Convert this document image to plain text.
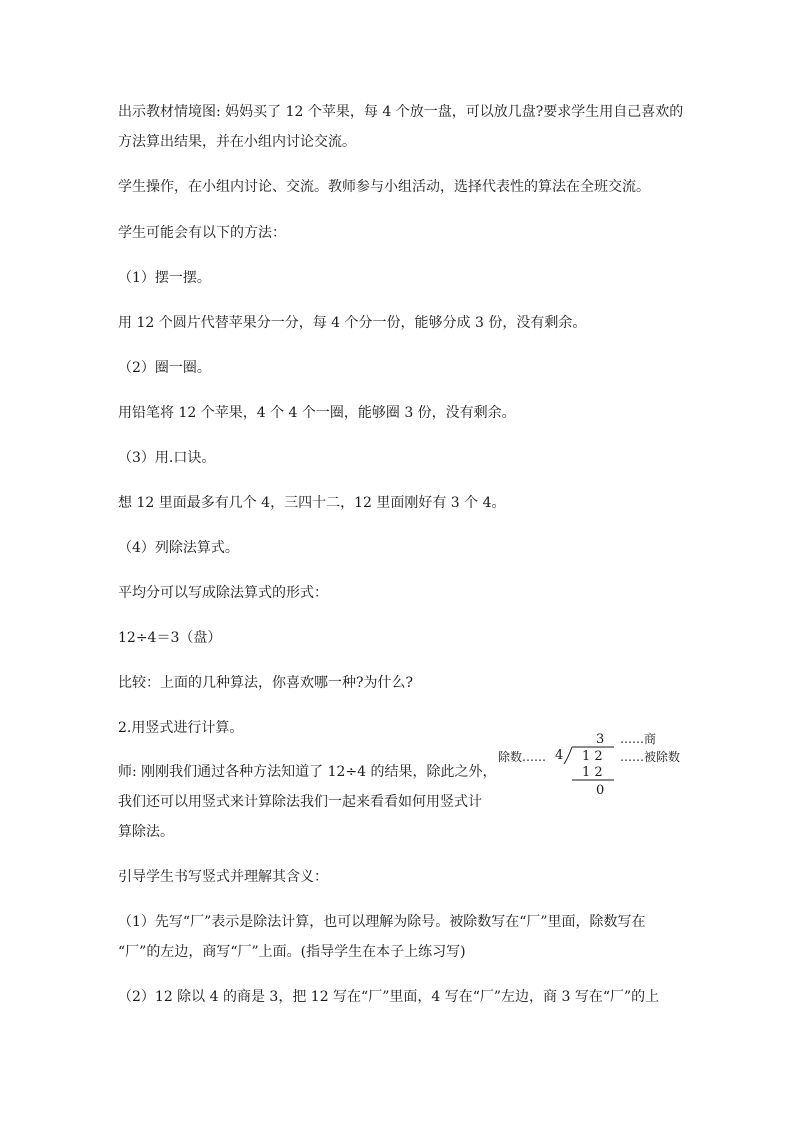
出示教材情境图: 妈妈买了 12 个苹果，每 4 个放一盘，可以放几盘?要求学生用自己喜欢的

方法算出结果，并在小组内讨论交流。

学生操作，在小组内讨论、交流。教师参与小组活动，选择代表性的算法在全班交流。

学生可能会有以下的方法：

（1）摆一摆。

用 12 个圆片代替苹果分一分，每 4 个分一份，能够分成 3 份，没有剩余。

（2）圈一圈。

用铅笔将 12 个苹果，4 个 4 个一圈，能够圈 3 份，没有剩余。

（3）用.口诀。

想 12 里面最多有几个 4，三四十二，12 里面刚好有 3 个 4。

（4）列除法算式。

平均分可以写成除法算式的形式：

12÷4＝3（盘）

比较：上面的几种算法，你喜欢哪一种?为什么?

2.用竖式进行计算。

师: 刚刚我们通过各种方法知道了 12÷4 的结果，除此之外，

我们还可以用竖式来计算除法我们一起来看看如何用竖式计

算除法。

引导学生书写竖式并理解其含义：

（1）先写“厂”表示是除法计算，也可以理解为除号。被除数写在“厂”里面，除数写在

“厂”的左边，商写“厂”上面。(指导学生在本子上练习写)

（2）12 除以 4 的商是 3，把 12 写在“厂”里面，4 写在“厂”左边，商 3 写在“厂”的上

3 ……商
除数…… 4 1 2 ……被除数
1 2
0
